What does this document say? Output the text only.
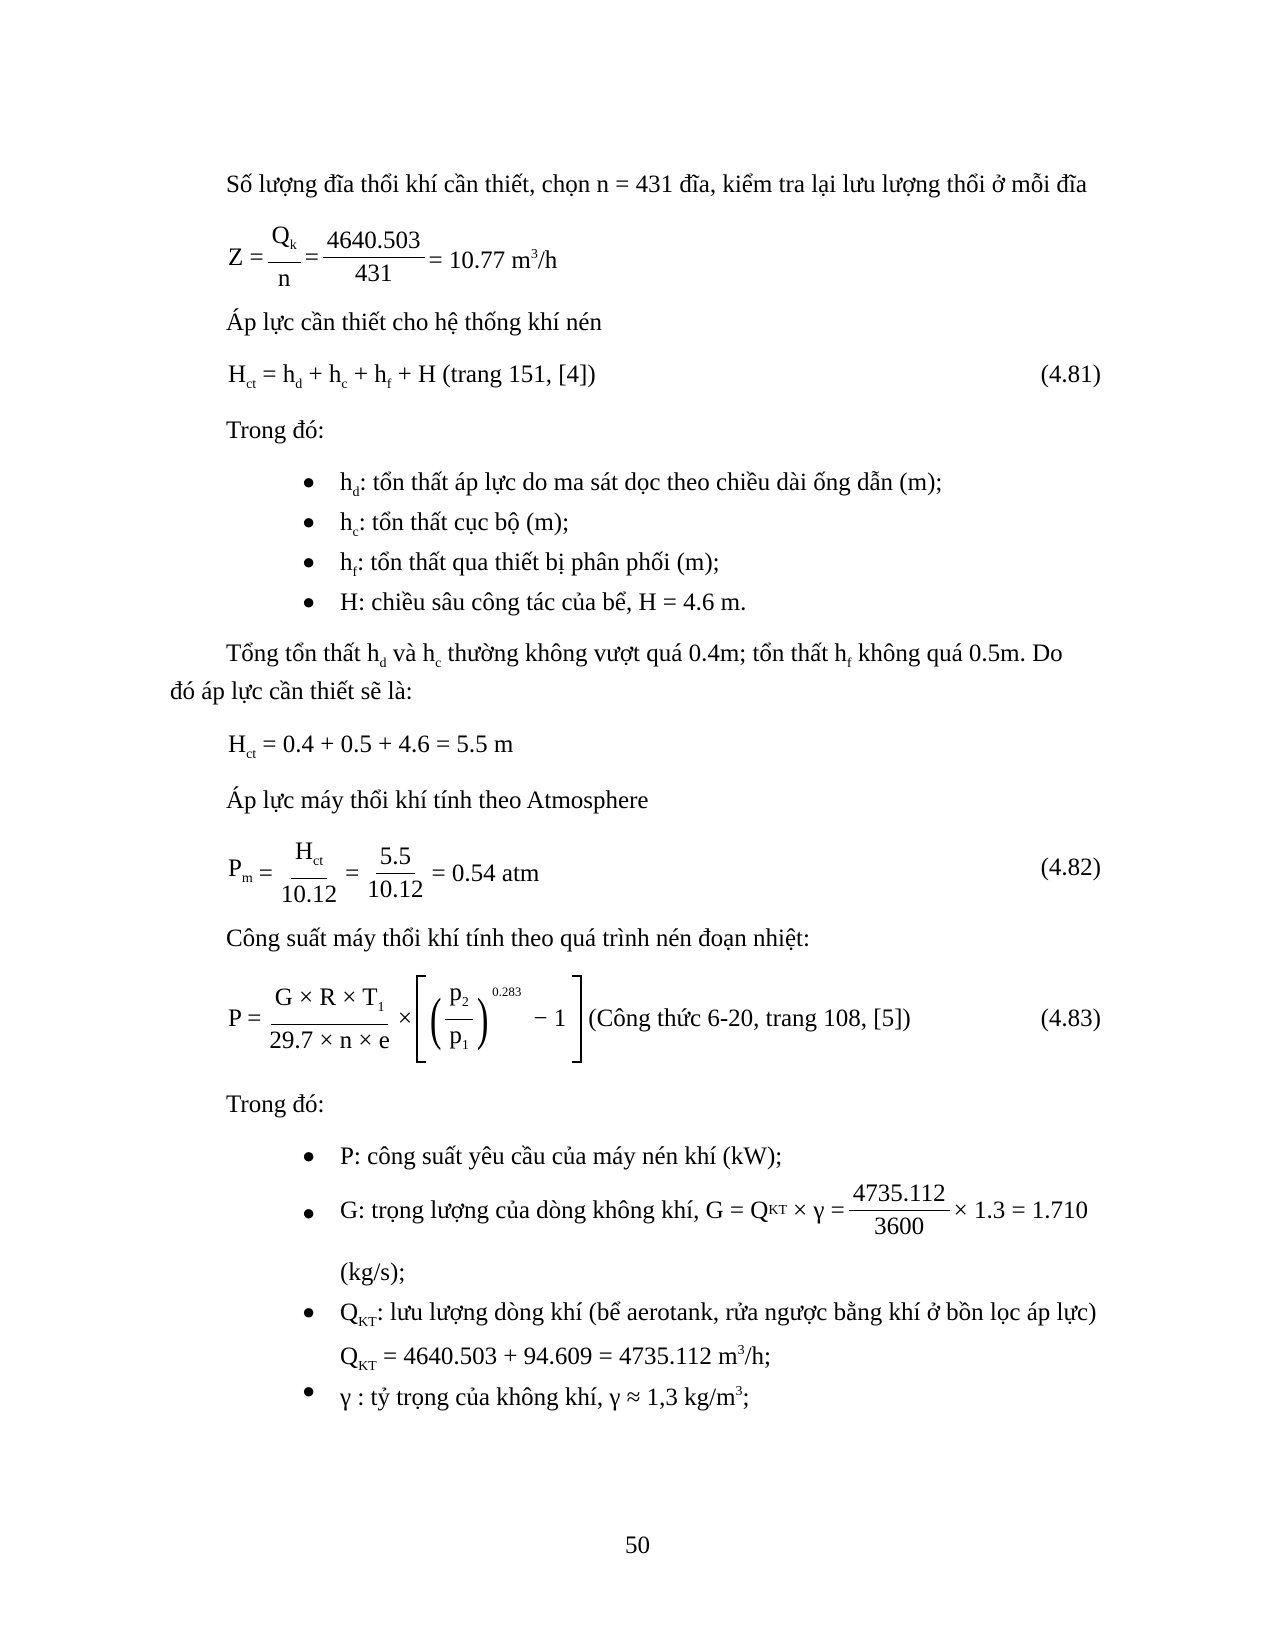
Số lượng đĩa thổi khí cần thiết, chọn n = 431 đĩa, kiểm tra lại lưu lượng thổi ở mỗi đĩa
$Z = \frac{Q_k}{n} = \frac{4640.503}{431} = 10.77$ $m^3/h$
Áp lực cần thiết cho hệ thống khí nén
$H_{ct} = h_d + h_c + h_f + H$ (trang 151, [4])	(4.81)
Trong đó:
● $h_d$: tổn thất áp lực do ma sát dọc theo chiều dài ống dẫn (m);
● $h_c$: tổn thất cục bộ (m);
● $h_f$: tổn thất qua thiết bị phân phối (m);
● H: chiều sâu công tác của bể, H = 4.6 m.
Tổng tổn thất $h_d$ và $h_c$ thường không vượt quá 0.4m; tổn thất $h_f$ không quá 0.5m. Do
đó áp lực cần thiết sẽ là:
$H_{ct} = 0.4 + 0.5 + 4.6 = 5.5$ m
Áp lực máy thổi khí tính theo Atmosphere
$P_m = \frac{H_{ct}}{10.12} = \frac{5.5}{10.12} = 0.54$ atm	(4.82)
Công suất máy thổi khí tính theo quá trình nén đoạn nhiệt:
$P = \frac{G \times R \times T_1}{29.7 \times n \times e}$ × ( $\frac{p_2}{p_1}$ ) $^{0.283}$
− 1 (Công thức 6-20, trang 108, [5])	(4.83)
Trong đó:
● P: công suất yêu cầu của máy nén khí (kW);
● G: trọng lượng của dòng không khí, G = Q KT × $\gamma = \frac{4735.112}{3600} \times 1.3 = 1.710$
(kg/s);
● $Q_{KT}$: lưu lượng dòng khí (bể aerotank, rửa ngược bằng khí ở bồn lọc áp lực)
$Q_{KT} = 4640.503 + 94.609 = 4735.112$ $m^3/h$;
● γ : tỷ trọng của không khí, γ ≈ 1,3 $kg/m^3$;
50
